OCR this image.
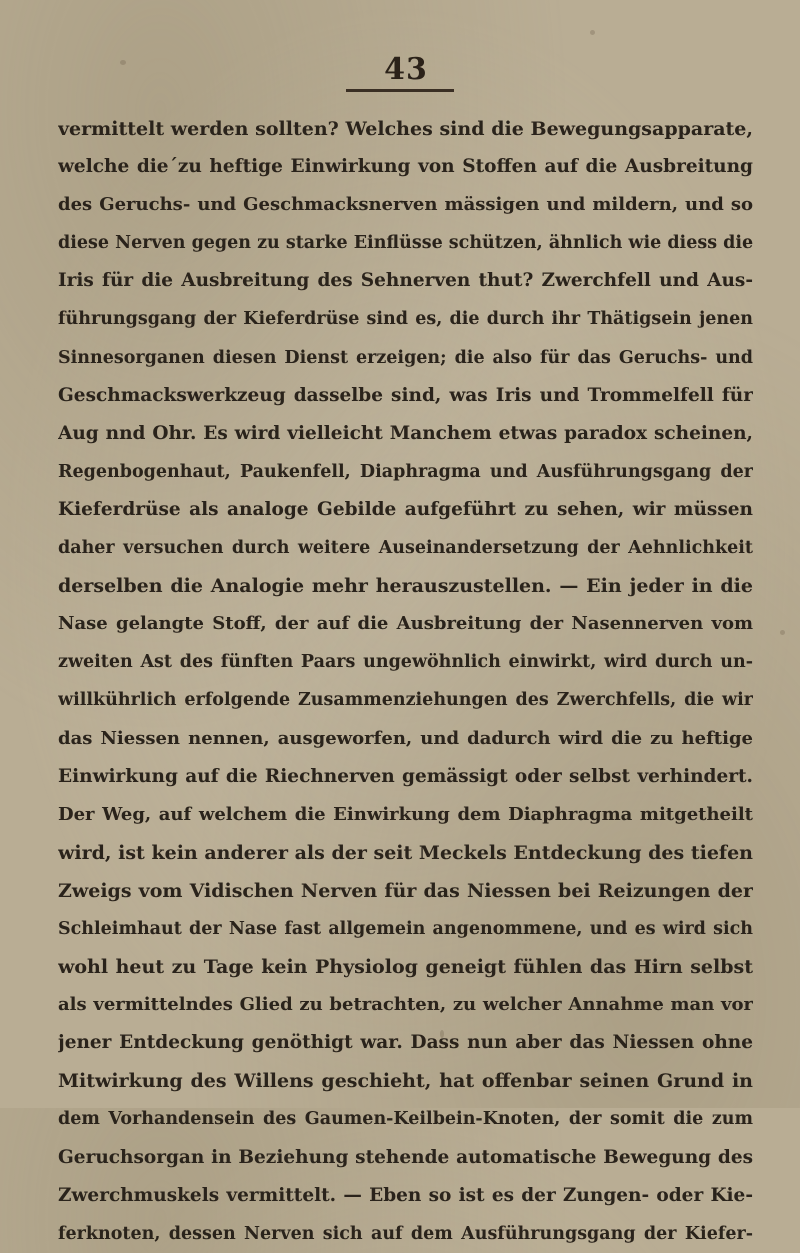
43
vermittelt werden sollten? Welches sind die Bewegungsapparate,
welche die´zu heftige Einwirkung von Stoffen auf die Ausbreitung
des Geruchs- und Geschmacksnerven mässigen und mildern, und so
diese Nerven gegen zu starke Einflüsse schützen, ähnlich wie diess die
Iris für die Ausbreitung des Sehnerven thut? Zwerchfell und Aus-
führungsgang der Kieferdrüse sind es, die durch ihr Thätigsein jenen
Sinnesorganen diesen Dienst erzeigen; die also für das Geruchs- und
Geschmackswerkzeug dasselbe sind, was Iris und Trommelfell für
Aug nnd Ohr. Es wird vielleicht Manchem etwas paradox scheinen,
Regenbogenhaut, Paukenfell, Diaphragma und Ausführungsgang der
Kieferdrüse als analoge Gebilde aufgeführt zu sehen, wir müssen
daher versuchen durch weitere Auseinandersetzung der Aehnlichkeit
derselben die Analogie mehr herauszustellen. — Ein jeder in die
Nase gelangte Stoff, der auf die Ausbreitung der Nasennerven vom
zweiten Ast des fünften Paars ungewöhnlich einwirkt, wird durch un-
willkührlich erfolgende Zusammenziehungen des Zwerchfells, die wir
das Niessen nennen, ausgeworfen, und dadurch wird die zu heftige
Einwirkung auf die Riechnerven gemässigt oder selbst verhindert.
Der Weg, auf welchem die Einwirkung dem Diaphragma mitgetheilt
wird, ist kein anderer als der seit Meckels Entdeckung des tiefen
Zweigs vom Vidischen Nerven für das Niessen bei Reizungen der
Schleimhaut der Nase fast allgemein angenommene, und es wird sich
wohl heut zu Tage kein Physiolog geneigt fühlen das Hirn selbst
als vermittelndes Glied zu betrachten, zu welcher Annahme man vor
jener Entdeckung genöthigt war. Dass nun aber das Niessen ohne
Mitwirkung des Willens geschieht, hat offenbar seinen Grund in
dem Vorhandensein des Gaumen-Keilbein-Knoten, der somit die zum
Geruchsorgan in Beziehung stehende automatische Bewegung des
Zwerchmuskels vermittelt. — Eben so ist es der Zungen- oder Kie-
ferknoten, dessen Nerven sich auf dem Ausführungsgang der Kiefer-
